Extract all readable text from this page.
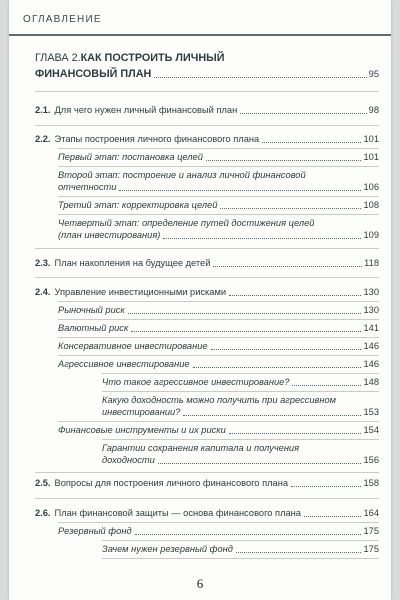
ОГЛАВЛЕНИЕ
ГЛАВА 2. КАК ПОСТРОИТЬ ЛИЧНЫЙ
ФИНАНСОВЫЙ ПЛАН	95
2.1. Для чего нужен личный финансовый план	98
2.2. Этапы построения личного финансового плана	101
Первый этап: постановка целей	101
Второй этап: построение и анализ личной финансовой
отчетности	106
Третий этап: корректировка целей	108
Четвертый этап: определение путей достижения целей
(план инвестирования)	109
2.3. План накопления на будущее детей	118
2.4. Управление инвестиционными рисками	130
Рыночный риск	130
Валютный риск	141
Консервативное инвестирование	146
Агрессивное инвестирование	146
Что такое агрессивное инвестирование?	148
Какую доходность можно получить при агрессивном
инвестировании?	153
Финансовые инструменты и их риски	154
Гарантии сохранения капитала и получения
доходности	156
2.5. Вопросы для построения личного финансового плана	158
2.6. План финансовой защиты — основа финансового плана	164
Резервный фонд	175
Зачем нужен резервный фонд	175
6
